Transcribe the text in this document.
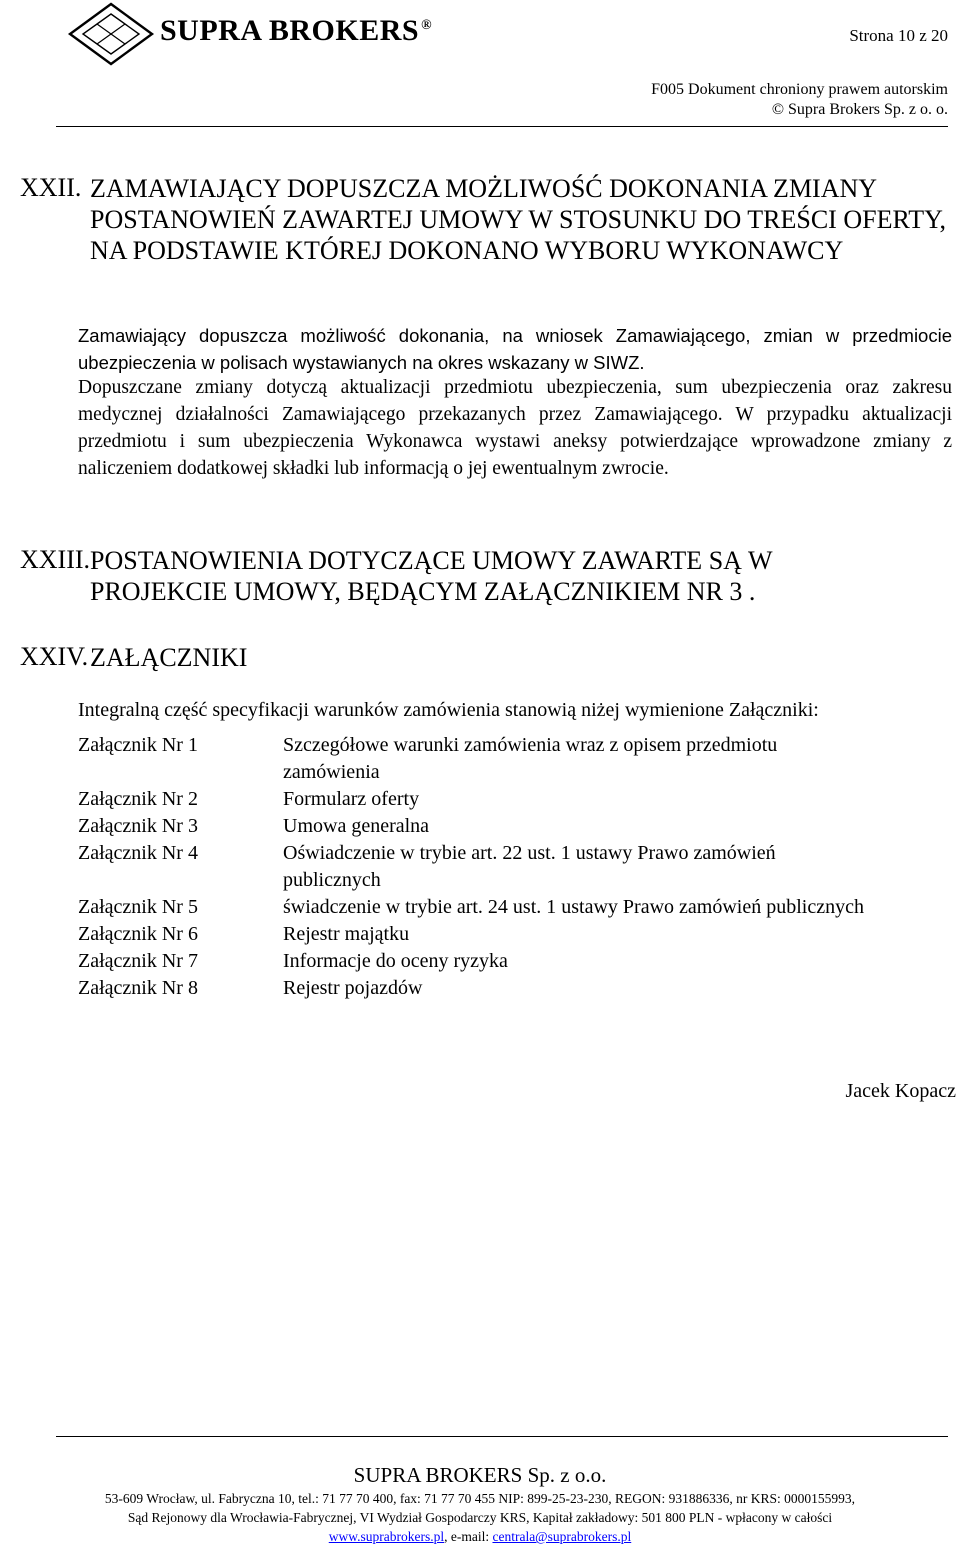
SUPRA BROKERS ®
Strona 10 z 20
F005 Dokument chroniony prawem autorskim
© Supra Brokers Sp. z o. o.
XXII. ZAMAWIAJĄCY DOPUSZCZA MOŻLIWOŚĆ DOKONANIA ZMIANY POSTANOWIEŃ ZAWARTEJ UMOWY W STOSUNKU DO TREŚCI OFERTY, NA PODSTAWIE KTÓREJ DOKONANO WYBORU WYKONAWCY
Zamawiający dopuszcza możliwość dokonania, na wniosek Zamawiającego, zmian w przedmiocie ubezpieczenia w polisach wystawianych na okres wskazany w SIWZ.
Dopuszczane zmiany dotyczą aktualizacji przedmiotu ubezpieczenia, sum ubezpieczenia oraz zakresu medycznej działalności Zamawiającego przekazanych przez Zamawiającego. W przypadku aktualizacji przedmiotu i sum ubezpieczenia Wykonawca wystawi aneksy potwierdzające wprowadzone zmiany z naliczeniem dodatkowej składki lub informacją o jej ewentualnym zwrocie.
XXIII. POSTANOWIENIA DOTYCZĄCE UMOWY ZAWARTE SĄ W PROJEKCIE UMOWY, BĘDĄCYM ZAŁĄCZNIKIEM NR 3 .
XXIV. ZAŁĄCZNIKI
Integralną część specyfikacji warunków zamówienia stanowią niżej wymienione Załączniki:
Załącznik Nr 1	Szczegółowe warunki zamówienia wraz z opisem przedmiotu zamówienia
Załącznik Nr 2	Formularz oferty
Załącznik Nr 3	Umowa generalna
Załącznik Nr 4	Oświadczenie w trybie art. 22 ust. 1 ustawy Prawo zamówień publicznych
Załącznik Nr 5	świadczenie w trybie art. 24 ust. 1 ustawy Prawo zamówień publicznych
Załącznik Nr 6	Rejestr majątku
Załącznik Nr 7	Informacje do oceny ryzyka
Załącznik Nr 8	Rejestr pojazdów
Jacek Kopacz
SUPRA BROKERS Sp. z o.o.
53-609 Wrocław, ul. Fabryczna 10, tel.: 71 77 70 400, fax: 71 77 70 455 NIP: 899-25-23-230, REGON: 931886336, nr KRS: 0000155993,
Sąd Rejonowy dla Wrocławia-Fabrycznej, VI Wydział Gospodarczy KRS, Kapitał zakładowy: 501 800 PLN - wpłacony w całości
www.suprabrokers.pl, e-mail: centrala@suprabrokers.pl
